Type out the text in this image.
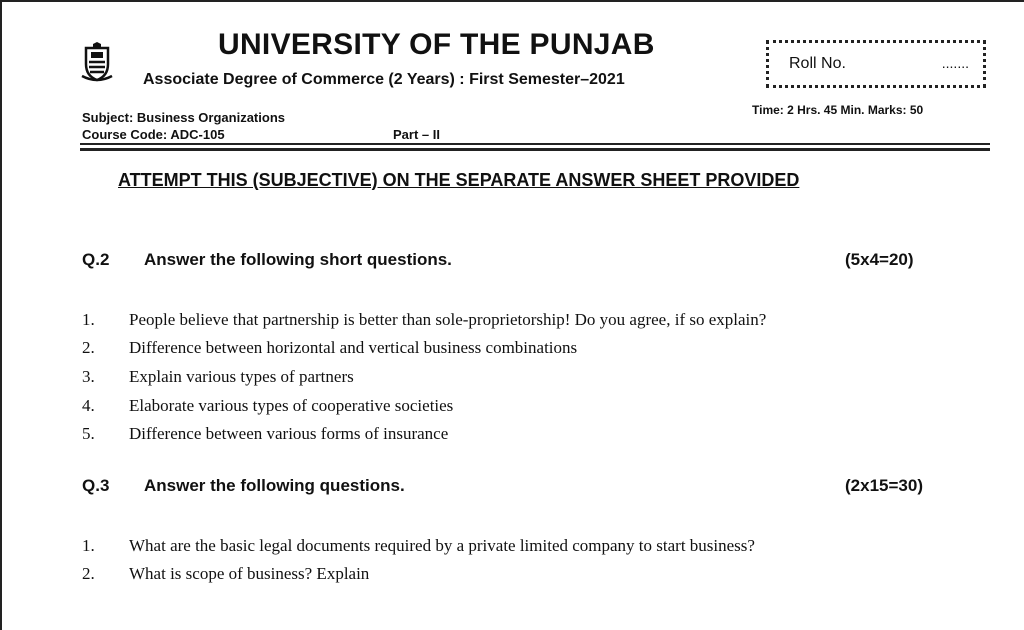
UNIVERSITY OF THE PUNJAB
Associate Degree of Commerce (2 Years) : First Semester–2021
Roll No.	.......
Time: 2 Hrs. 45 Min. Marks: 50
Subject: Business Organizations
Course Code: ADC-105	Part – II
ATTEMPT THIS (SUBJECTIVE) ON THE SEPARATE ANSWER SHEET PROVIDED
Q.2 Answer the following short questions.	(5x4=20)
1. People believe that partnership is better than sole-proprietorship! Do you agree, if so explain?
2. Difference between horizontal and vertical business combinations
3. Explain various types of partners
4. Elaborate various types of cooperative societies
5. Difference between various forms of insurance
Q.3 Answer the following questions.	(2x15=30)
1. What are the basic legal documents required by a private limited company to start business?
2. What is scope of business? Explain
